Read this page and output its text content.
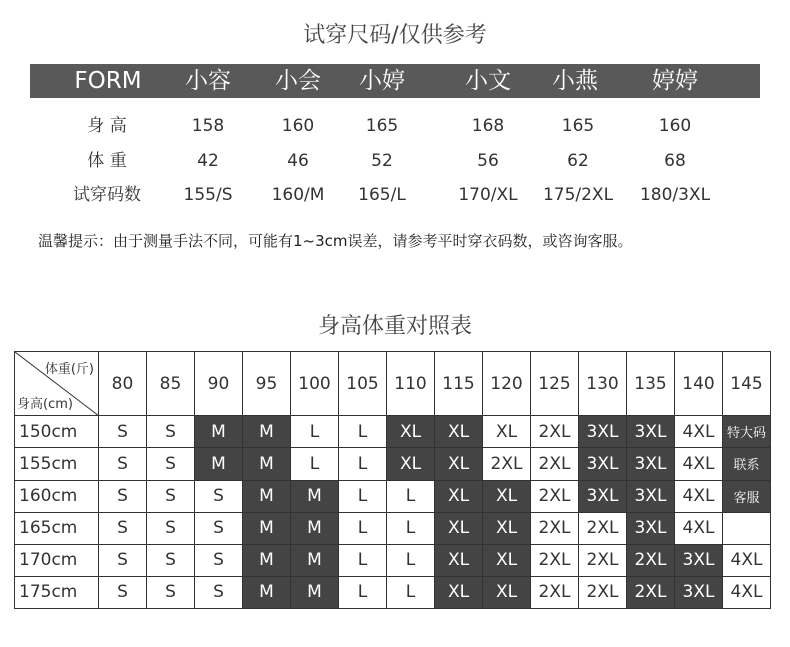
试穿尺码/仅供参考
FORM 小容 小会 小婷	小文 小燕 婷婷
身 高	158	160	165	168	165	160
体 重	42	46	52	56	62	68
试穿码数	155/S 160/M 165/L	170/XL 175/2XL 180/3XL
温馨提示：由于测量手法不同，可能有1~3cm误差，请参考平时穿衣码数，或咨询客服。
身高体重对照表
体重(斤)
身高(cm)	80	85	90	95	100	105	110	115	120	125	130	135	140	145
150cm	S	S	M	M	L	L	XL	XL	XL	2XL	3XL	3XL	4XL	特大码
155cm	S	S	M	M	L	L	XL	XL	2XL	2XL	3XL	3XL	4XL	联系
160cm	S	S	S	M	M	L	L	XL	XL	2XL	3XL	3XL	4XL	客服
165cm	S	S	S	M	M	L	L	XL	XL	2XL	2XL	3XL	4XL	
170cm	S	S	S	M	M	L	L	XL	XL	2XL	2XL	2XL	3XL	4XL
175cm	S	S	S	M	M	L	L	XL	XL	2XL	2XL	2XL	3XL	4XL
